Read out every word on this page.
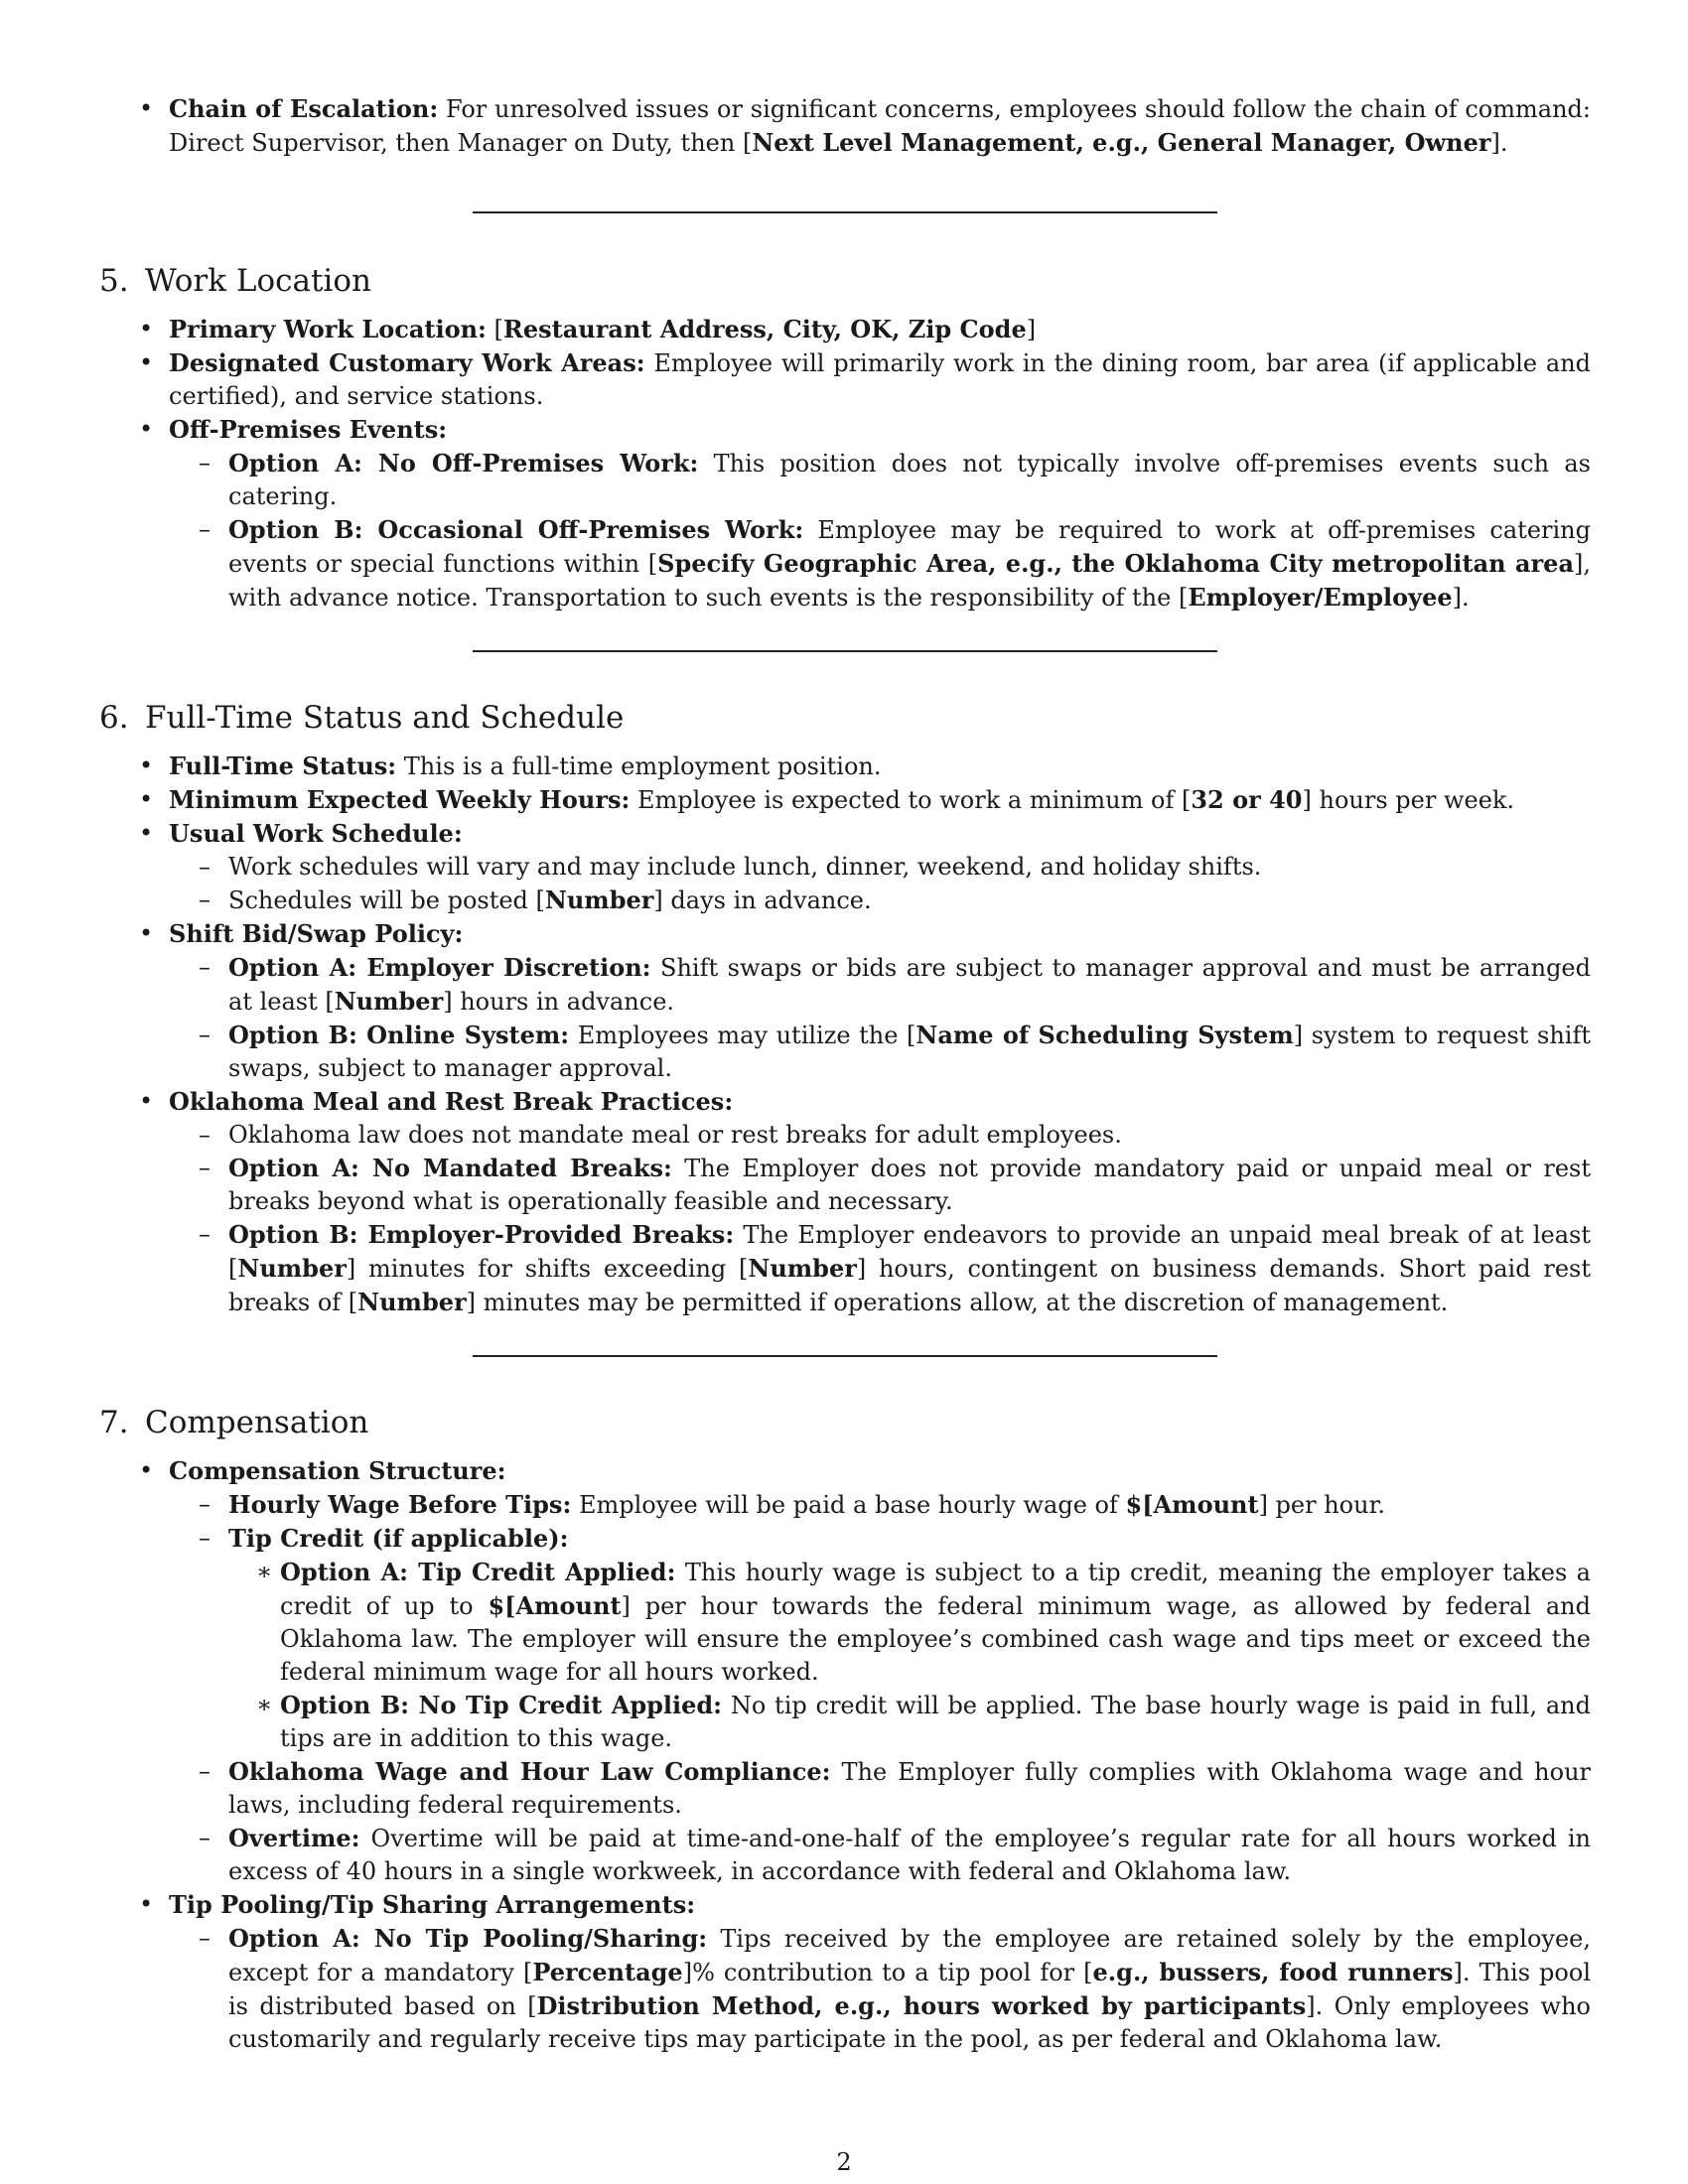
• Chain of Escalation: For unresolved issues or significant concerns, employees should follow the chain of command: Direct Supervisor, then Manager on Duty, then [Next Level Management, e.g., General Manager, Owner].

5. Work Location

• Primary Work Location: [Restaurant Address, City, OK, Zip Code]

• Designated Customary Work Areas: Employee will primarily work in the dining room, bar area (if applicable and certified), and service stations.

• Off-Premises Events:

– Option A: No Off-Premises Work: This position does not typically involve off-premises events such as catering.

– Option B: Occasional Off-Premises Work: Employee may be required to work at off-premises catering events or special functions within [Specify Geographic Area, e.g., the Oklahoma City metropolitan area], with advance notice. Transportation to such events is the responsibility of the [Employer/Employee].

6. Full-Time Status and Schedule

• Full-Time Status: This is a full-time employment position.

• Minimum Expected Weekly Hours: Employee is expected to work a minimum of [32 or 40] hours per week.

• Usual Work Schedule:

– Work schedules will vary and may include lunch, dinner, weekend, and holiday shifts.

– Schedules will be posted [Number] days in advance.

• Shift Bid/Swap Policy:

– Option A: Employer Discretion: Shift swaps or bids are subject to manager approval and must be arranged at least [Number] hours in advance.

– Option B: Online System: Employees may utilize the [Name of Scheduling System] system to request shift swaps, subject to manager approval.

• Oklahoma Meal and Rest Break Practices:

– Oklahoma law does not mandate meal or rest breaks for adult employees.

– Option A: No Mandated Breaks: The Employer does not provide mandatory paid or unpaid meal or rest breaks beyond what is operationally feasible and necessary.

– Option B: Employer-Provided Breaks: The Employer endeavors to provide an unpaid meal break of at least [Number] minutes for shifts exceeding [Number] hours, contingent on business demands. Short paid rest breaks of [Number] minutes may be permitted if operations allow, at the discretion of management.

7. Compensation

• Compensation Structure:

– Hourly Wage Before Tips: Employee will be paid a base hourly wage of $[Amount] per hour.

– Tip Credit (if applicable):

∗ Option A: Tip Credit Applied: This hourly wage is subject to a tip credit, meaning the employer takes a credit of up to $[Amount] per hour towards the federal minimum wage, as allowed by federal and Oklahoma law. The employer will ensure the employee’s combined cash wage and tips meet or exceed the federal minimum wage for all hours worked.

∗ Option B: No Tip Credit Applied: No tip credit will be applied. The base hourly wage is paid in full, and tips are in addition to this wage.

– Oklahoma Wage and Hour Law Compliance: The Employer fully complies with Oklahoma wage and hour laws, including federal requirements.

– Overtime: Overtime will be paid at time-and-one-half of the employee’s regular rate for all hours worked in excess of 40 hours in a single workweek, in accordance with federal and Oklahoma law.

• Tip Pooling/Tip Sharing Arrangements:

– Option A: No Tip Pooling/Sharing: Tips received by the employee are retained solely by the employee, except for a mandatory [Percentage]% contribution to a tip pool for [e.g., bussers, food runners]. This pool is distributed based on [Distribution Method, e.g., hours worked by participants]. Only employees who customarily and regularly receive tips may participate in the pool, as per federal and Oklahoma law.

2
